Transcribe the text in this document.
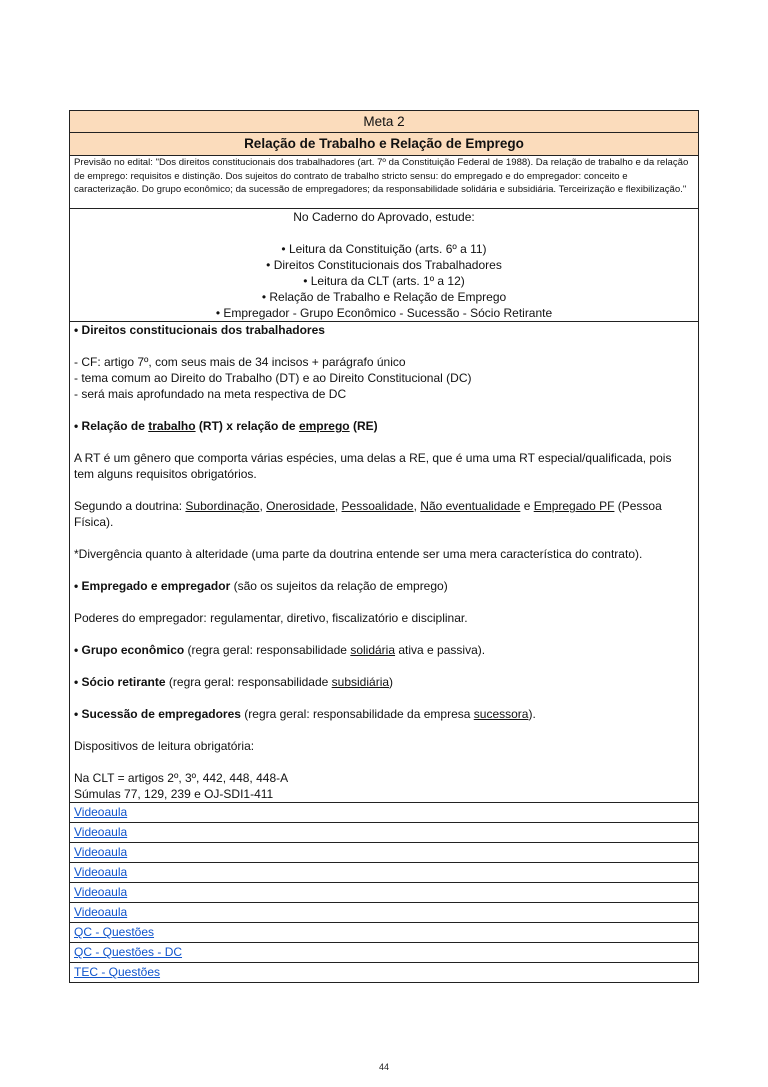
Meta 2
Relação de Trabalho e Relação de Emprego
Previsão no edital: "Dos direitos constitucionais dos trabalhadores (art. 7º da Constituição Federal de 1988). Da relação de trabalho e da relação de emprego: requisitos e distinção. Dos sujeitos do contrato de trabalho stricto sensu: do empregado e do empregador: conceito e caracterização. Do grupo econômico; da sucessão de empregadores; da responsabilidade solidária e subsidiária. Terceirização e flexibilização."

No Caderno do Aprovado, estude:
• Leitura da Constituição (arts. 6º a 11)
• Direitos Constitucionais dos Trabalhadores
• Leitura da CLT (arts. 1º a 12)
• Relação de Trabalho e Relação de Emprego
• Empregador - Grupo Econômico - Sucessão - Sócio Retirante

• Direitos constitucionais dos trabalhadores

- CF: artigo 7º, com seus mais de 34 incisos + parágrafo único

- tema comum ao Direito do Trabalho (DT) e ao Direito Constitucional (DC)

- será mais aprofundado na meta respectiva de DC

• Relação de trabalho (RT) x relação de emprego (RE)

A RT é um gênero que comporta várias espécies, uma delas a RE, que é uma uma RT especial/qualificada, pois tem alguns requisitos obrigatórios.

Segundo a doutrina: Subordinação, Onerosidade, Pessoalidade, Não eventualidade e Empregado PF (Pessoa Física).

*Divergência quanto à alteridade (uma parte da doutrina entende ser uma mera característica do contrato).

• Empregado e empregador (são os sujeitos da relação de emprego)

Poderes do empregador: regulamentar, diretivo, fiscalizatório e disciplinar.

• Grupo econômico (regra geral: responsabilidade solidária ativa e passiva).

• Sócio retirante (regra geral: responsabilidade subsidiária)

• Sucessão de empregadores (regra geral: responsabilidade da empresa sucessora).

Dispositivos de leitura obrigatória:

Na CLT = artigos 2º, 3º, 442, 448, 448-A

Súmulas 77, 129, 239 e OJ-SDI1-411

Videoaula
Videoaula
Videoaula
Videoaula
Videoaula
Videoaula
QC - Questões
QC - Questões - DC
TEC - Questões
44
